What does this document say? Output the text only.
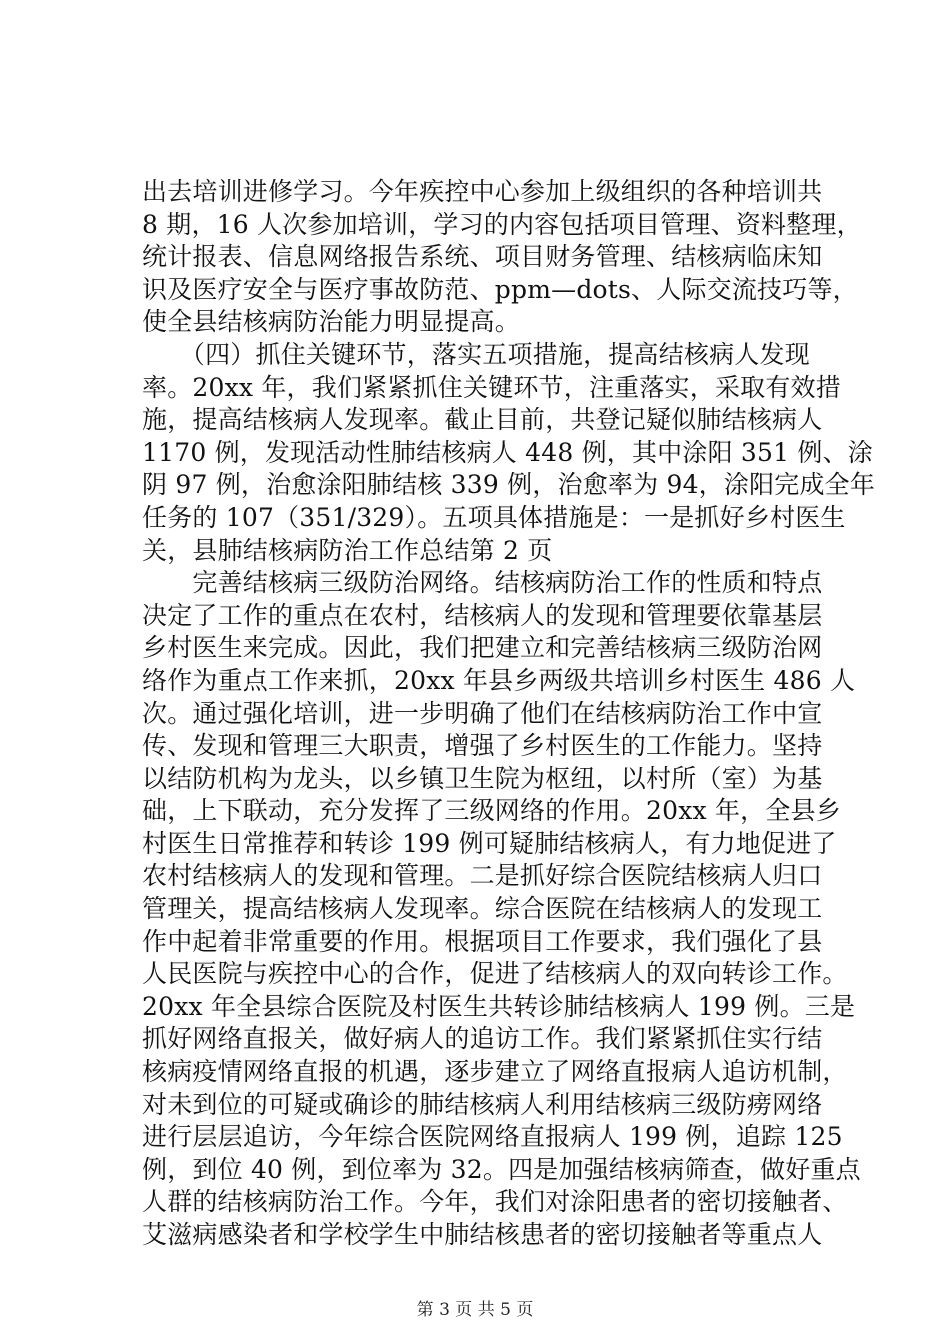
出去培训进修学习。今年疾控中心参加上级组织的各种培训共
8 期，16 人次参加培训，学习的内容包括项目管理、资料整理，
统计报表、信息网络报告系统、项目财务管理、结核病临床知
识及医疗安全与医疗事故防范、ppm—dots、人际交流技巧等，
使全县结核病防治能力明显提高。
　　（四）抓住关键环节，落实五项措施，提高结核病人发现
率。20xx 年，我们紧紧抓住关键环节，注重落实，采取有效措
施，提高结核病人发现率。截止目前，共登记疑似肺结核病人
1170 例，发现活动性肺结核病人 448 例，其中涂阳 351 例、涂
阴 97 例，治愈涂阳肺结核 339 例，治愈率为 94，涂阳完成全年
任务的 107（351/329）。五项具体措施是：一是抓好乡村医生
关，县肺结核病防治工作总结第 2 页
　　完善结核病三级防治网络。结核病防治工作的性质和特点
决定了工作的重点在农村，结核病人的发现和管理要依靠基层
乡村医生来完成。因此，我们把建立和完善结核病三级防治网
络作为重点工作来抓，20xx 年县乡两级共培训乡村医生 486 人
次。通过强化培训，进一步明确了他们在结核病防治工作中宣
传、发现和管理三大职责，增强了乡村医生的工作能力。坚持
以结防机构为龙头，以乡镇卫生院为枢纽，以村所（室）为基
础，上下联动，充分发挥了三级网络的作用。20xx 年，全县乡
村医生日常推荐和转诊 199 例可疑肺结核病人，有力地促进了
农村结核病人的发现和管理。二是抓好综合医院结核病人归口
管理关，提高结核病人发现率。综合医院在结核病人的发现工
作中起着非常重要的作用。根据项目工作要求，我们强化了县
人民医院与疾控中心的合作，促进了结核病人的双向转诊工作。
20xx 年全县综合医院及村医生共转诊肺结核病人 199 例。三是
抓好网络直报关，做好病人的追访工作。我们紧紧抓住实行结
核病疫情网络直报的机遇，逐步建立了网络直报病人追访机制，
对未到位的可疑或确诊的肺结核病人利用结核病三级防痨网络
进行层层追访，今年综合医院网络直报病人 199 例，追踪 125
例，到位 40 例，到位率为 32。四是加强结核病筛查，做好重点
人群的结核病防治工作。今年，我们对涂阳患者的密切接触者、
艾滋病感染者和学校学生中肺结核患者的密切接触者等重点人
第 3 页 共 5 页
